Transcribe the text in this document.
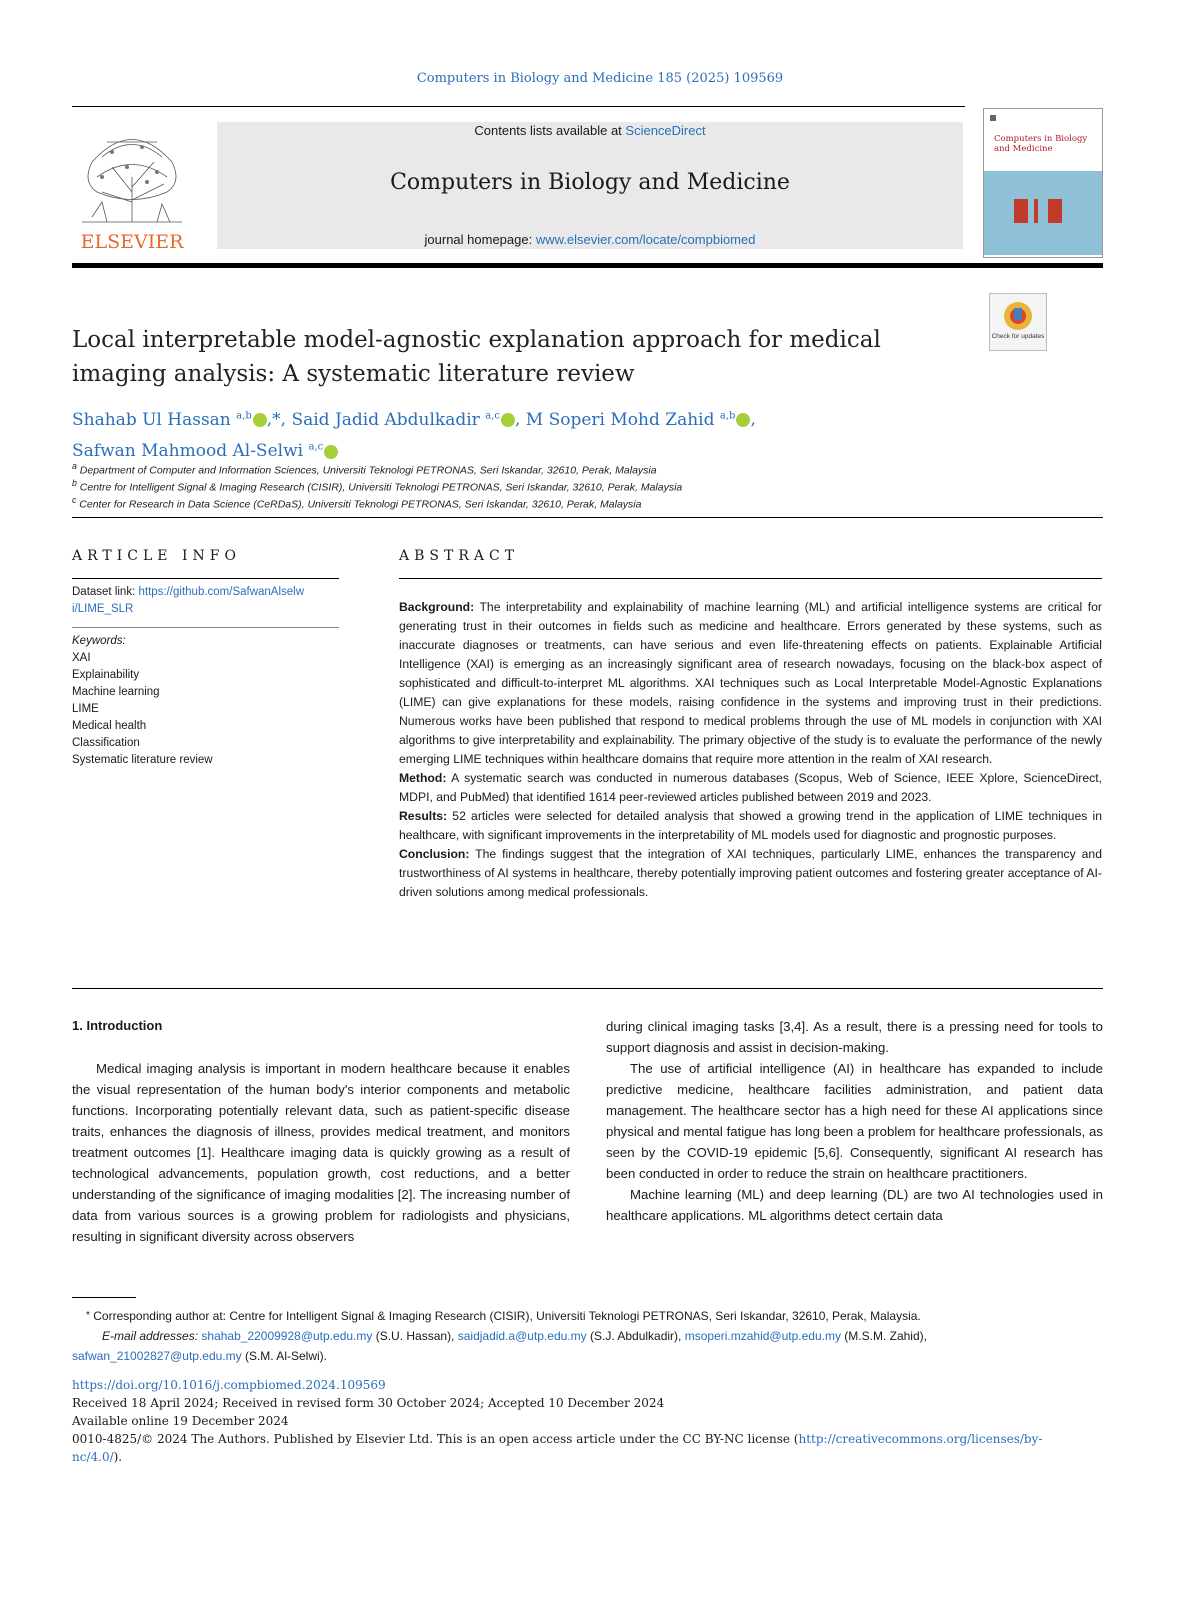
Computers in Biology and Medicine 185 (2025) 109569
ELSEVIER
Contents lists available at ScienceDirect
Computers in Biology and Medicine
journal homepage: www.elsevier.com/locate/compbiomed
Computers in Biology and Medicine
Check for updates
Local interpretable model-agnostic explanation approach for medical imaging analysis: A systematic literature review
Shahab Ul Hassan $^{a,b}$ ,*, Said Jadid Abdulkadir $^{a,c}$ , M Soperi Mohd Zahid $^{a,b}$ ,
Safwan Mahmood Al-Selwi $^{a,c}$
$^a$ Department of Computer and Information Sciences, Universiti Teknologi PETRONAS, Seri Iskandar, 32610, Perak, Malaysia
$^b$ Centre for Intelligent Signal & Imaging Research (CISIR), Universiti Teknologi PETRONAS, Seri Iskandar, 32610, Perak, Malaysia
$^c$ Center for Research in Data Science (CeRDaS), Universiti Teknologi PETRONAS, Seri Iskandar, 32610, Perak, Malaysia
ARTICLE INFO
Dataset link: https://github.com/SafwanAlselw
i/LIME_SLR
Keywords:
XAI
Explainability
Machine learning
LIME
Medical health
Classification
Systematic literature review
ABSTRACT

Background: The interpretability and explainability of machine learning (ML) and artificial intelligence systems are critical for generating trust in their outcomes in fields such as medicine and healthcare. Errors generated by these systems, such as inaccurate diagnoses or treatments, can have serious and even life-threatening effects on patients. Explainable Artificial Intelligence (XAI) is emerging as an increasingly significant area of research nowadays, focusing on the black-box aspect of sophisticated and difficult-to-interpret ML algorithms. XAI techniques such as Local Interpretable Model-Agnostic Explanations (LIME) can give explanations for these models, raising confidence in the systems and improving trust in their predictions. Numerous works have been published that respond to medical problems through the use of ML models in conjunction with XAI algorithms to give interpretability and explainability. The primary objective of the study is to evaluate the performance of the newly emerging LIME techniques within healthcare domains that require more attention in the realm of XAI research.

Method: A systematic search was conducted in numerous databases (Scopus, Web of Science, IEEE Xplore, ScienceDirect, MDPI, and PubMed) that identified 1614 peer-reviewed articles published between 2019 and 2023.

Results: 52 articles were selected for detailed analysis that showed a growing trend in the application of LIME techniques in healthcare, with significant improvements in the interpretability of ML models used for diagnostic and prognostic purposes.

Conclusion: The findings suggest that the integration of XAI techniques, particularly LIME, enhances the transparency and trustworthiness of AI systems in healthcare, thereby potentially improving patient outcomes and fostering greater acceptance of AI-driven solutions among medical professionals.

1. Introduction

Medical imaging analysis is important in modern healthcare because it enables the visual representation of the human body's interior components and metabolic functions. Incorporating potentially relevant data, such as patient-specific disease traits, enhances the diagnosis of illness, provides medical treatment, and monitors treatment outcomes [1]. Healthcare imaging data is quickly growing as a result of technological advancements, population growth, cost reductions, and a better understanding of the significance of imaging modalities [2]. The increasing number of data from various sources is a growing problem for radiologists and physicians, resulting in significant diversity across observers

during clinical imaging tasks [3,4]. As a result, there is a pressing need for tools to support diagnosis and assist in decision-making.

The use of artificial intelligence (AI) in healthcare has expanded to include predictive medicine, healthcare facilities administration, and patient data management. The healthcare sector has a high need for these AI applications since physical and mental fatigue has long been a problem for healthcare professionals, as seen by the COVID-19 epidemic [5,6]. Consequently, significant AI research has been conducted in order to reduce the strain on healthcare practitioners.

Machine learning (ML) and deep learning (DL) are two AI technologies used in healthcare applications. ML algorithms detect certain data

* Corresponding author at: Centre for Intelligent Signal & Imaging Research (CISIR), Universiti Teknologi PETRONAS, Seri Iskandar, 32610, Perak, Malaysia.
E-mail addresses: shahab_22009928@utp.edu.my (S.U. Hassan), saidjadid.a@utp.edu.my (S.J. Abdulkadir), msoperi.mzahid@utp.edu.my (M.S.M. Zahid),
safwan_21002827@utp.edu.my (S.M. Al-Selwi).
https://doi.org/10.1016/j.compbiomed.2024.109569
Received 18 April 2024; Received in revised form 30 October 2024; Accepted 10 December 2024
Available online 19 December 2024
0010-4825/© 2024 The Authors. Published by Elsevier Ltd. This is an open access article under the CC BY-NC license (http://creativecommons.org/licenses/by-
nc/4.0/).
